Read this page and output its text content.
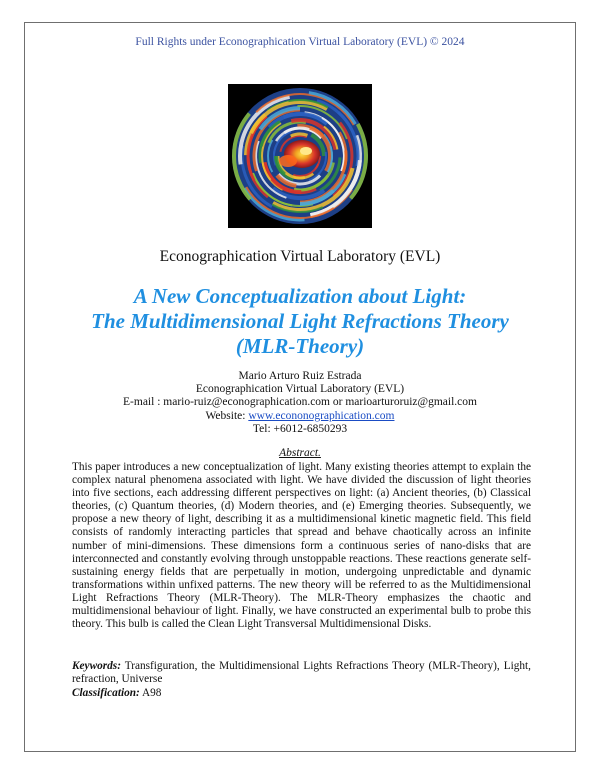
Full Rights under Econographication Virtual Laboratory (EVL) © 2024
Econographication Virtual Laboratory (EVL)
A New Conceptualization about Light:
The Multidimensional Light Refractions Theory
(MLR-Theory)
Mario Arturo Ruiz Estrada
Econographication Virtual Laboratory (EVL)
E-mail : mario-ruiz@econographication.com or marioarturoruiz@gmail.com
Website: www.econonographication.com
Tel: +6012-6850293
Abstract.
This paper introduces a new conceptualization of light. Many existing theories attempt to explain the complex natural phenomena associated with light. We have divided the discussion of light theories into five sections, each addressing different perspectives on light: (a) Ancient theories, (b) Classical theories, (c) Quantum theories, (d) Modern theories, and (e) Emerging theories. Subsequently, we propose a new theory of light, describing it as a multidimensional kinetic magnetic field. This field consists of randomly interacting particles that spread and behave chaotically across an infinite number of mini-dimensions. These dimensions form a continuous series of nano-disks that are interconnected and constantly evolving through unstoppable reactions. These reactions generate self-sustaining energy fields that are perpetually in motion, undergoing unpredictable and dynamic transformations within unfixed patterns. The new theory will be referred to as the Multidimensional Light Refractions Theory (MLR-Theory). The MLR-Theory emphasizes the chaotic and multidimensional behaviour of light. Finally, we have constructed an experimental bulb to probe this theory. This bulb is called the Clean Light Transversal Multidimensional Disks.
Keywords: Transfiguration, the Multidimensional Lights Refractions Theory (MLR-Theory), Light, refraction, Universe
Classification: A98
